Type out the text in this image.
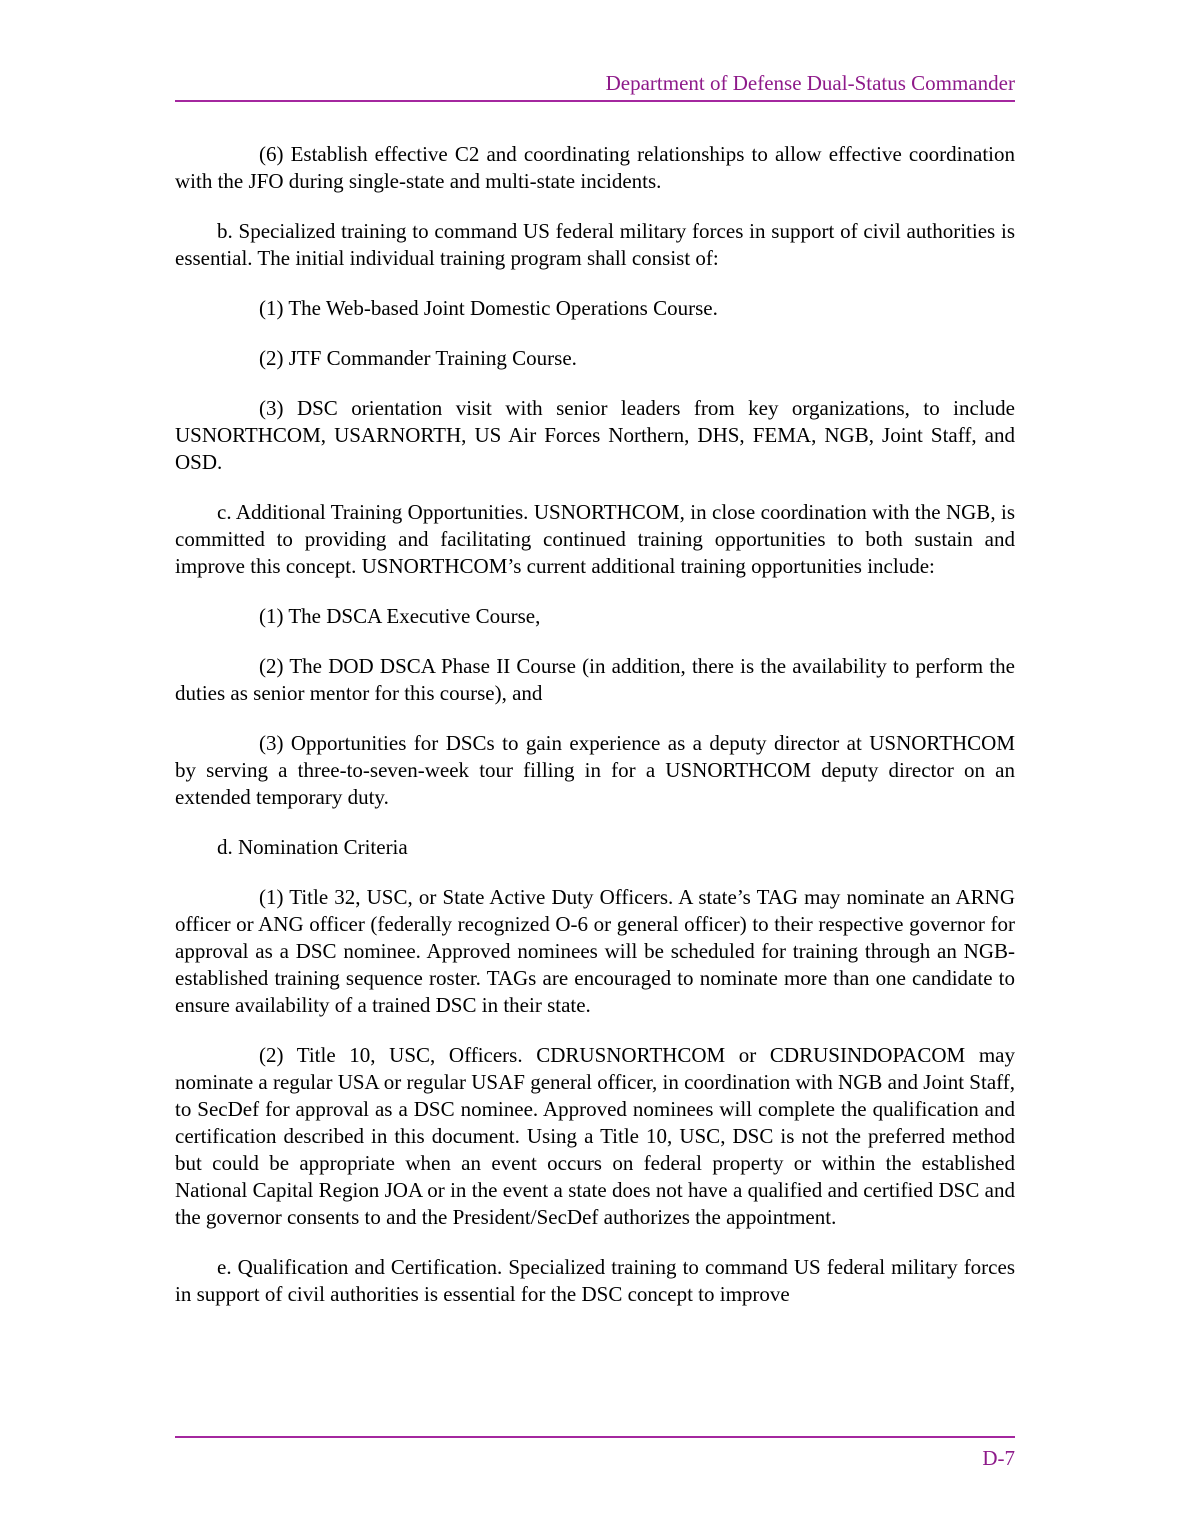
Department of Defense Dual-Status Commander

(6) Establish effective C2 and coordinating relationships to allow effective coordination with the JFO during single-state and multi-state incidents.

b. Specialized training to command US federal military forces in support of civil authorities is essential. The initial individual training program shall consist of:

(1) The Web-based Joint Domestic Operations Course.

(2) JTF Commander Training Course.

(3) DSC orientation visit with senior leaders from key organizations, to include USNORTHCOM, USARNORTH, US Air Forces Northern, DHS, FEMA, NGB, Joint Staff, and OSD.

c. Additional Training Opportunities. USNORTHCOM, in close coordination with the NGB, is committed to providing and facilitating continued training opportunities to both sustain and improve this concept. USNORTHCOM’s current additional training opportunities include:

(1) The DSCA Executive Course,

(2) The DOD DSCA Phase II Course (in addition, there is the availability to perform the duties as senior mentor for this course), and

(3) Opportunities for DSCs to gain experience as a deputy director at USNORTHCOM by serving a three-to-seven-week tour filling in for a USNORTHCOM deputy director on an extended temporary duty.

d. Nomination Criteria

(1) Title 32, USC, or State Active Duty Officers. A state’s TAG may nominate an ARNG officer or ANG officer (federally recognized O-6 or general officer) to their respective governor for approval as a DSC nominee. Approved nominees will be scheduled for training through an NGB-established training sequence roster. TAGs are encouraged to nominate more than one candidate to ensure availability of a trained DSC in their state.

(2) Title 10, USC, Officers. CDRUSNORTHCOM or CDRUSINDOPACOM may nominate a regular USA or regular USAF general officer, in coordination with NGB and Joint Staff, to SecDef for approval as a DSC nominee. Approved nominees will complete the qualification and certification described in this document. Using a Title 10, USC, DSC is not the preferred method but could be appropriate when an event occurs on federal property or within the established National Capital Region JOA or in the event a state does not have a qualified and certified DSC and the governor consents to and the President/SecDef authorizes the appointment.

e. Qualification and Certification. Specialized training to command US federal military forces in support of civil authorities is essential for the DSC concept to improve

D-7
